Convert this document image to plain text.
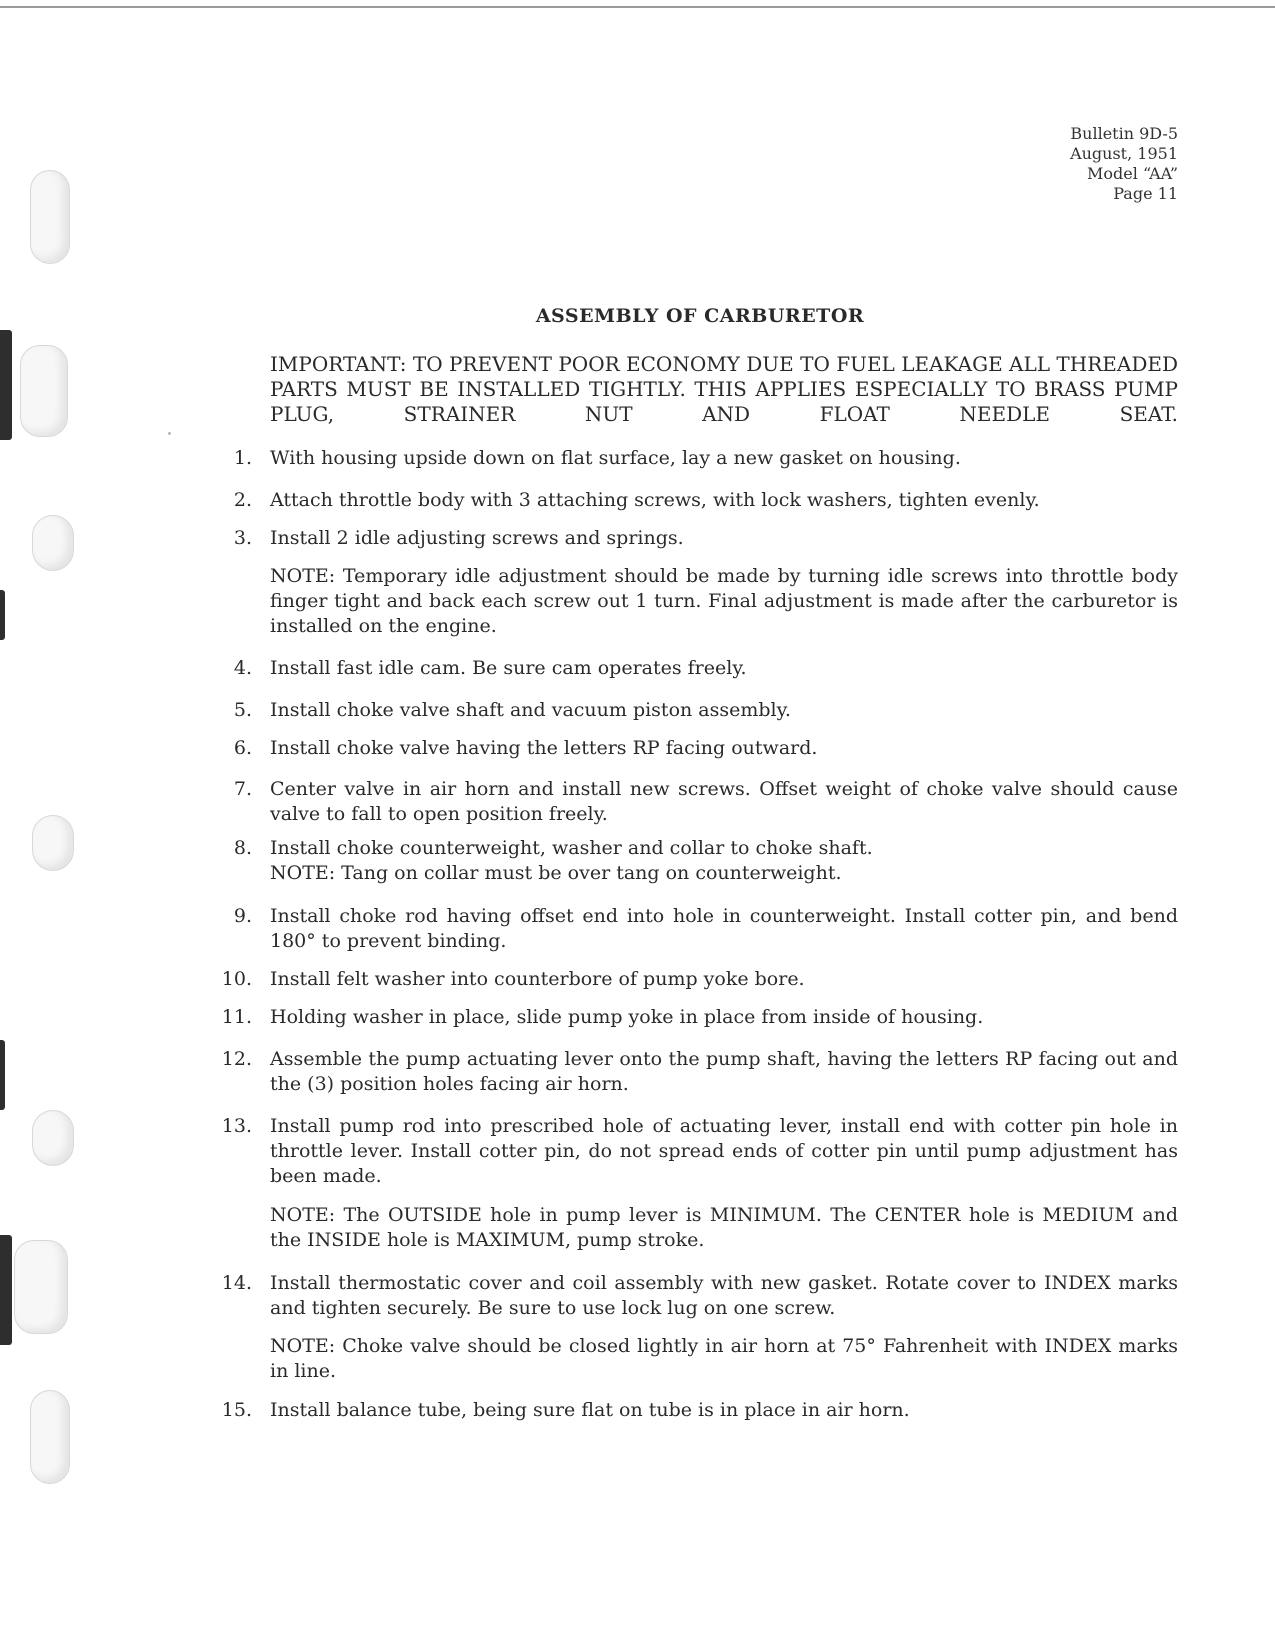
Bulletin 9D-5
August, 1951
Model “AA”
Page 11
ASSEMBLY OF CARBURETOR
IMPORTANT: TO PREVENT POOR ECONOMY DUE TO FUEL LEAKAGE ALL THREADED PARTS MUST BE INSTALLED TIGHTLY. THIS APPLIES ESPECIALLY TO BRASS PUMP PLUG, STRAINER NUT AND FLOAT NEEDLE SEAT.
1. With housing upside down on flat surface, lay a new gasket on housing.
2. Attach throttle body with 3 attaching screws, with lock washers, tighten evenly.
3. Install 2 idle adjusting screws and springs.
NOTE: Temporary idle adjustment should be made by turning idle screws into throttle body finger tight and back each screw out 1 turn. Final adjustment is made after the carburetor is installed on the engine.
4. Install fast idle cam. Be sure cam operates freely.
5. Install choke valve shaft and vacuum piston assembly.
6. Install choke valve having the letters RP facing outward.
7. Center valve in air horn and install new screws. Offset weight of choke valve should cause valve to fall to open position freely.
8. Install choke counterweight, washer and collar to choke shaft.
NOTE: Tang on collar must be over tang on counterweight.
9. Install choke rod having offset end into hole in counterweight. Install cotter pin, and bend 180° to prevent binding.
10. Install felt washer into counterbore of pump yoke bore.
11. Holding washer in place, slide pump yoke in place from inside of housing.
12. Assemble the pump actuating lever onto the pump shaft, having the letters RP facing out and the (3) position holes facing air horn.
13. Install pump rod into prescribed hole of actuating lever, install end with cotter pin hole in throttle lever. Install cotter pin, do not spread ends of cotter pin until pump adjustment has been made.
NOTE: The OUTSIDE hole in pump lever is MINIMUM. The CENTER hole is MEDIUM and the INSIDE hole is MAXIMUM, pump stroke.
14. Install thermostatic cover and coil assembly with new gasket. Rotate cover to INDEX marks and tighten securely. Be sure to use lock lug on one screw.
NOTE: Choke valve should be closed lightly in air horn at 75° Fahrenheit with INDEX marks in line.
15. Install balance tube, being sure flat on tube is in place in air horn.
